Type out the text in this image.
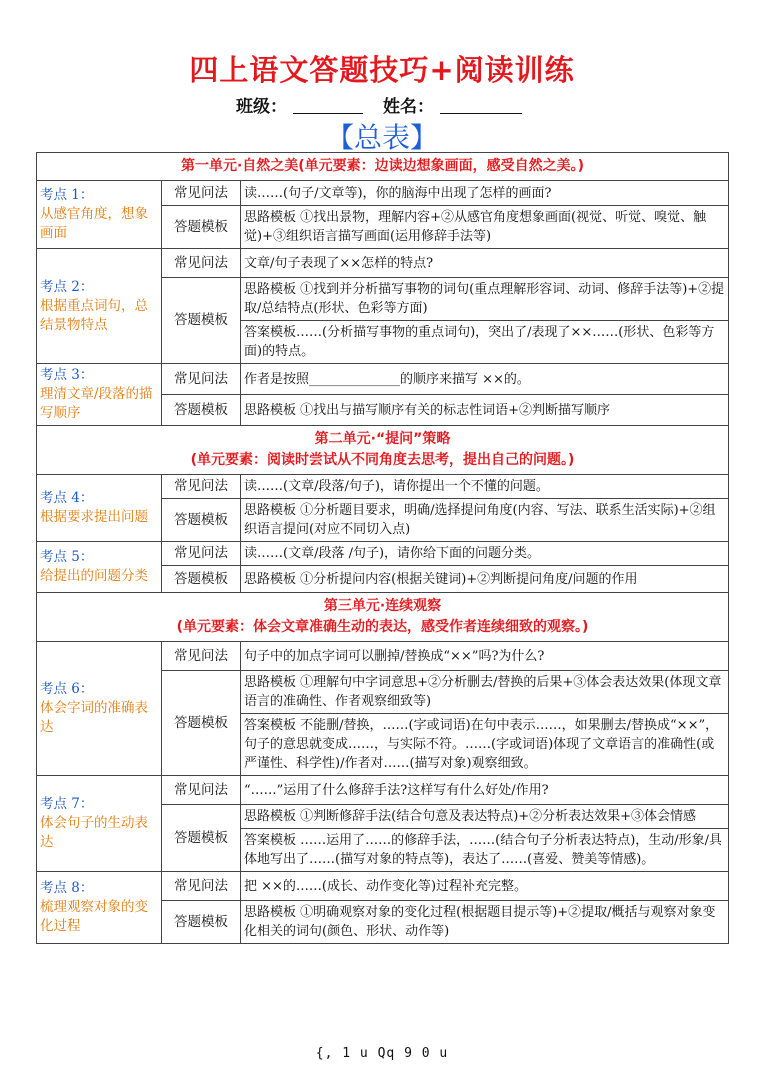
四上语文答题技巧+阅读训练
班级：	姓名：
【总表】
第一单元·自然之美(单元要素：边读边想象画面，感受自然之美。)		

考点 1：
从感官角度，想象画面	常见问法	读……(句子/文章等)，你的脑海中出现了怎样的画面?
	答题模板	思路模板 ①找出景物，理解内容+②从感官角度想象画面(视觉、听觉、嗅觉、触觉)+③组织语言描写画面(运用修辞手法等)
考点 2：
根据重点词句，总结景物特点	常见问法	文章/句子表现了××怎样的特点?
	答题模板	思路模板 ①找到并分析描写事物的词句(重点理解形容词、动词、修辞手法等)+②提取/总结特点(形状、色彩等方面)
		答案模板……(分析描写事物的重点词句)，突出了/表现了××……(形状、色彩等方面)的特点。
考点 3：
理清文章/段落的描写顺序	常见问法	作者是按照______________的顺序来描写 ××的。
	答题模板	思路模板 ①找出与描写顺序有关的标志性词语+②判断描写顺序

第二单元·“提问”策略
(单元要素：阅读时尝试从不同角度去思考，提出自己的问题。)		

考点 4：
根据要求提出问题	常见问法	读……(文章/段落/句子)，请你提出一个不懂的问题。
	答题模板	思路模板 ①分析题目要求，明确/选择提问角度(内容、写法、联系生活实际)+②组织语言提问(对应不同切入点)
考点 5：
给提出的问题分类	常见问法	读……(文章/段落 /句子)，请你给下面的问题分类。
	答题模板	思路模板 ①分析提问内容(根据关键词)+②判断提问角度/问题的作用

第三单元·连续观察
(单元要素：体会文章准确生动的表达，感受作者连续细致的观察。)		

考点 6：
体会字词的准确表达	常见问法	句子中的加点字词可以删掉/替换成“××”吗?为什么?
	答题模板	思路模板 ①理解句中字词意思+②分析删去/替换的后果+③体会表达效果(体现文章语言的准确性、作者观察细致等)
		答案模板 不能删/替换，……(字或词语)在句中表示……，如果删去/替换成“××”，句子的意思就变成……，与实际不符。……(字或词语)体现了文章语言的准确性(或严谨性、科学性)/作者对……(描写对象)观察细致。
考点 7：
体会句子的生动表达	常见问法	“……”运用了什么修辞手法?这样写有什么好处/作用?
	答题模板	思路模板 ①判断修辞手法(结合句意及表达特点)+②分析表达效果+③体会情感
		答案模板 ……运用了……的修辞手法，……(结合句子分析表达特点)，生动/形象/具体地写出了……(描写对象的特点等)，表达了……(喜爱、赞美等情感)。
考点 8：
梳理观察对象的变化过程	常见问法	把 ××的……(成长、动作变化等)过程补充完整。
	答题模板	思路模板 ①明确观察对象的变化过程(根据题目提示等)+②提取/概括与观察对象变化相关的词句(颜色、形状、动作等)
{, 1 u Qq 9 0 u
